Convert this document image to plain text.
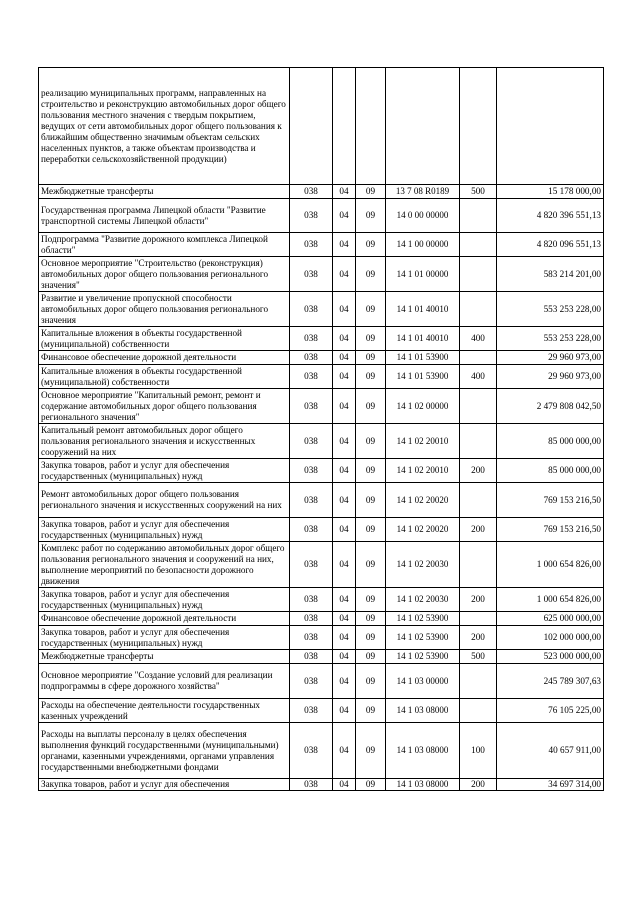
реализацию муниципальных программ, направленных на строительство и реконструкцию автомобильных дорог общего пользования местного значения с твердым покрытием, ведущих от сети автомобильных дорог общего пользования к ближайшим общественно значимым объектам сельских населенных пунктов, а также объектам производства и переработки сельскохозяйственной продукции)						
Межбюджетные трансферты	038	04	09	13 7 08 R0189	500	15 178 000,00
Государственная программа Липецкой области "Развитие транспортной системы Липецкой области"	038	04	09	14 0 00 00000		4 820 396 551,13
Подпрограмма "Развитие дорожного комплекса Липецкой области"	038	04	09	14 1 00 00000		4 820 096 551,13
Основное мероприятие "Строительство (реконструкция) автомобильных дорог общего пользования регионального значения"	038	04	09	14 1 01 00000		583 214 201,00
Развитие и увеличение пропускной способности автомобильных дорог общего пользования регионального значения	038	04	09	14 1 01 40010		553 253 228,00
Капитальные вложения в объекты государственной (муниципальной) собственности	038	04	09	14 1 01 40010	400	553 253 228,00
Финансовое обеспечение дорожной деятельности	038	04	09	14 1 01 53900		29 960 973,00
Капитальные вложения в объекты государственной (муниципальной) собственности	038	04	09	14 1 01 53900	400	29 960 973,00
Основное мероприятие "Капитальный ремонт, ремонт и содержание автомобильных дорог общего пользования регионального значения"	038	04	09	14 1 02 00000		2 479 808 042,50
Капитальный ремонт автомобильных дорог общего пользования регионального значения и искусственных сооружений на них	038	04	09	14 1 02 20010		85 000 000,00
Закупка товаров, работ и услуг для обеспечения государственных (муниципальных) нужд	038	04	09	14 1 02 20010	200	85 000 000,00
Ремонт автомобильных дорог общего пользования регионального значения и искусственных сооружений на них	038	04	09	14 1 02 20020		769 153 216,50
Закупка товаров, работ и услуг для обеспечения государственных (муниципальных) нужд	038	04	09	14 1 02 20020	200	769 153 216,50
Комплекс работ по содержанию автомобильных дорог общего пользования регионального значения и сооружений на них, выполнение мероприятий по безопасности дорожного движения	038	04	09	14 1 02 20030		1 000 654 826,00
Закупка товаров, работ и услуг для обеспечения государственных (муниципальных) нужд	038	04	09	14 1 02 20030	200	1 000 654 826,00
Финансовое обеспечение дорожной деятельности	038	04	09	14 1 02 53900		625 000 000,00
Закупка товаров, работ и услуг для обеспечения государственных (муниципальных) нужд	038	04	09	14 1 02 53900	200	102 000 000,00
Межбюджетные трансферты	038	04	09	14 1 02 53900	500	523 000 000,00
Основное мероприятие "Создание условий для реализации подпрограммы в сфере дорожного хозяйства"	038	04	09	14 1 03 00000		245 789 307,63
Расходы на обеспечение деятельности государственных казенных учреждений	038	04	09	14 1 03 08000		76 105 225,00
Расходы на выплаты персоналу в целях обеспечения выполнения функций государственными (муниципальными) органами, казенными учреждениями, органами управления государственными внебюджетными фондами	038	04	09	14 1 03 08000	100	40 657 911,00
Закупка товаров, работ и услуг для обеспечения	038	04	09	14 1 03 08000	200	34 697 314,00
